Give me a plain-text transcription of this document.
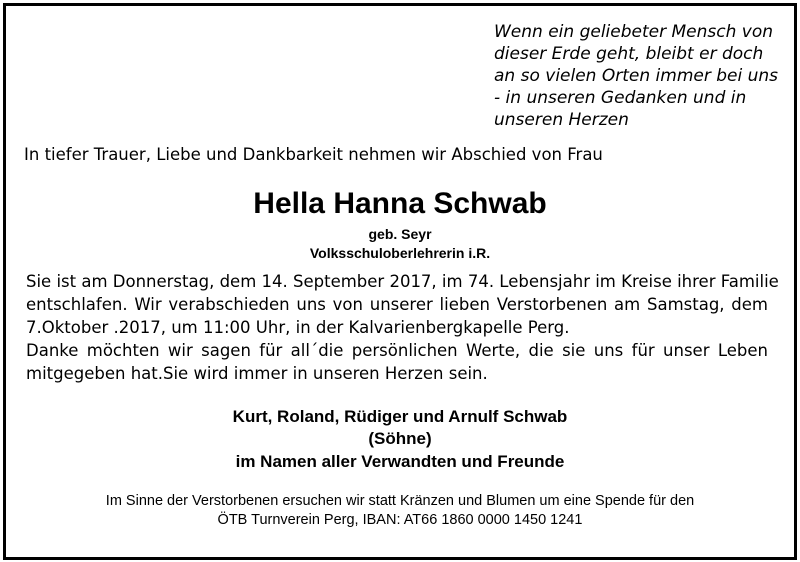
Wenn ein geliebeter Mensch von
dieser Erde geht, bleibt er doch
an so vielen Orten immer bei uns
- in unseren Gedanken und in
unseren Herzen
In tiefer Trauer, Liebe und Dankbarkeit nehmen wir Abschied von Frau
Hella Hanna Schwab
geb. Seyr
Volksschuloberlehrerin i.R.
Sie ist am Donnerstag, dem 14. September 2017, im 74. Lebensjahr im Kreise ihrer Familie
entschlafen. Wir verabschieden uns von unserer lieben Verstorbenen am Samstag, dem
7.Oktober .2017, um 11:00 Uhr, in der Kalvarienbergkapelle Perg.
Danke möchten wir sagen für all´die persönlichen Werte, die sie uns für unser Leben
mitgegeben hat.Sie wird immer in unseren Herzen sein.
Kurt, Roland, Rüdiger und Arnulf Schwab
(Söhne)
im Namen aller Verwandten und Freunde
Im Sinne der Verstorbenen ersuchen wir statt Kränzen und Blumen um eine Spende für den
ÖTB Turnverein Perg, IBAN: AT66 1860 0000 1450 1241
